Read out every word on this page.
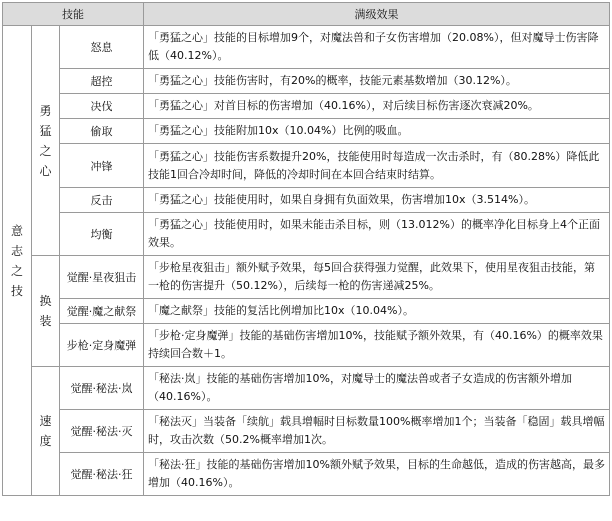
技能			满级效果
意志之技	勇猛之心	怒息	「勇猛之心」技能的目标增加9个，对魔法兽和子女伤害增加（20.08%），但对魔导士伤害降低（40.12%）。
		超控	「勇猛之心」技能伤害时，有20%的概率，技能元素基数增加（30.12%）。
		决伐	「勇猛之心」对首目标的伤害增加（40.16%），对后续目标伤害逐次衰减20%。
		偷取	「勇猛之心」技能附加10x（10.04%）比例的吸血。
		冲锋	「勇猛之心」技能伤害系数提升20%，技能使用时每造成一次击杀时，有（80.28%）降低此技能1回合冷却时间，降低的冷却时间在本回合结束时结算。
		反击	「勇猛之心」技能使用时，如果自身拥有负面效果，伤害增加10x（3.514%）。
		均衡	「勇猛之心」技能使用时，如果未能击杀目标，则（13.012%）的概率净化目标身上4个正面效果。
	换装	觉醒·星夜狙击	「步枪星夜狙击」额外赋予效果，每5回合获得强力觉醒，此效果下，使用星夜狙击技能，第一枪的伤害提升（50.12%），后续每一枪的伤害递减25%。
		觉醒·魔之献祭	「魔之献祭」技能的复活比例增加比10x（10.04%）。
		步枪·定身魔弹	「步枪·定身魔弹」技能的基础伤害增加10%，技能赋予额外效果，有（40.16%）的概率效果持续回合数＋1。
	速度	觉醒·秘法·岚	「秘法·岚」技能的基础伤害增加10%，对魔导士的魔法兽或者子女造成的伤害额外增加（40.16%）。
		觉醒·秘法·灭	「秘法灭」当装备「续航」载具增幅时目标数量100%概率增加1个；当装备「稳固」载具增幅时，攻击次数（50.2%概率增加1次。
		觉醒·秘法·狂	「秘法·狂」技能的基础伤害增加10%额外赋予效果，目标的生命越低，造成的伤害越高，最多增加（40.16%）。
